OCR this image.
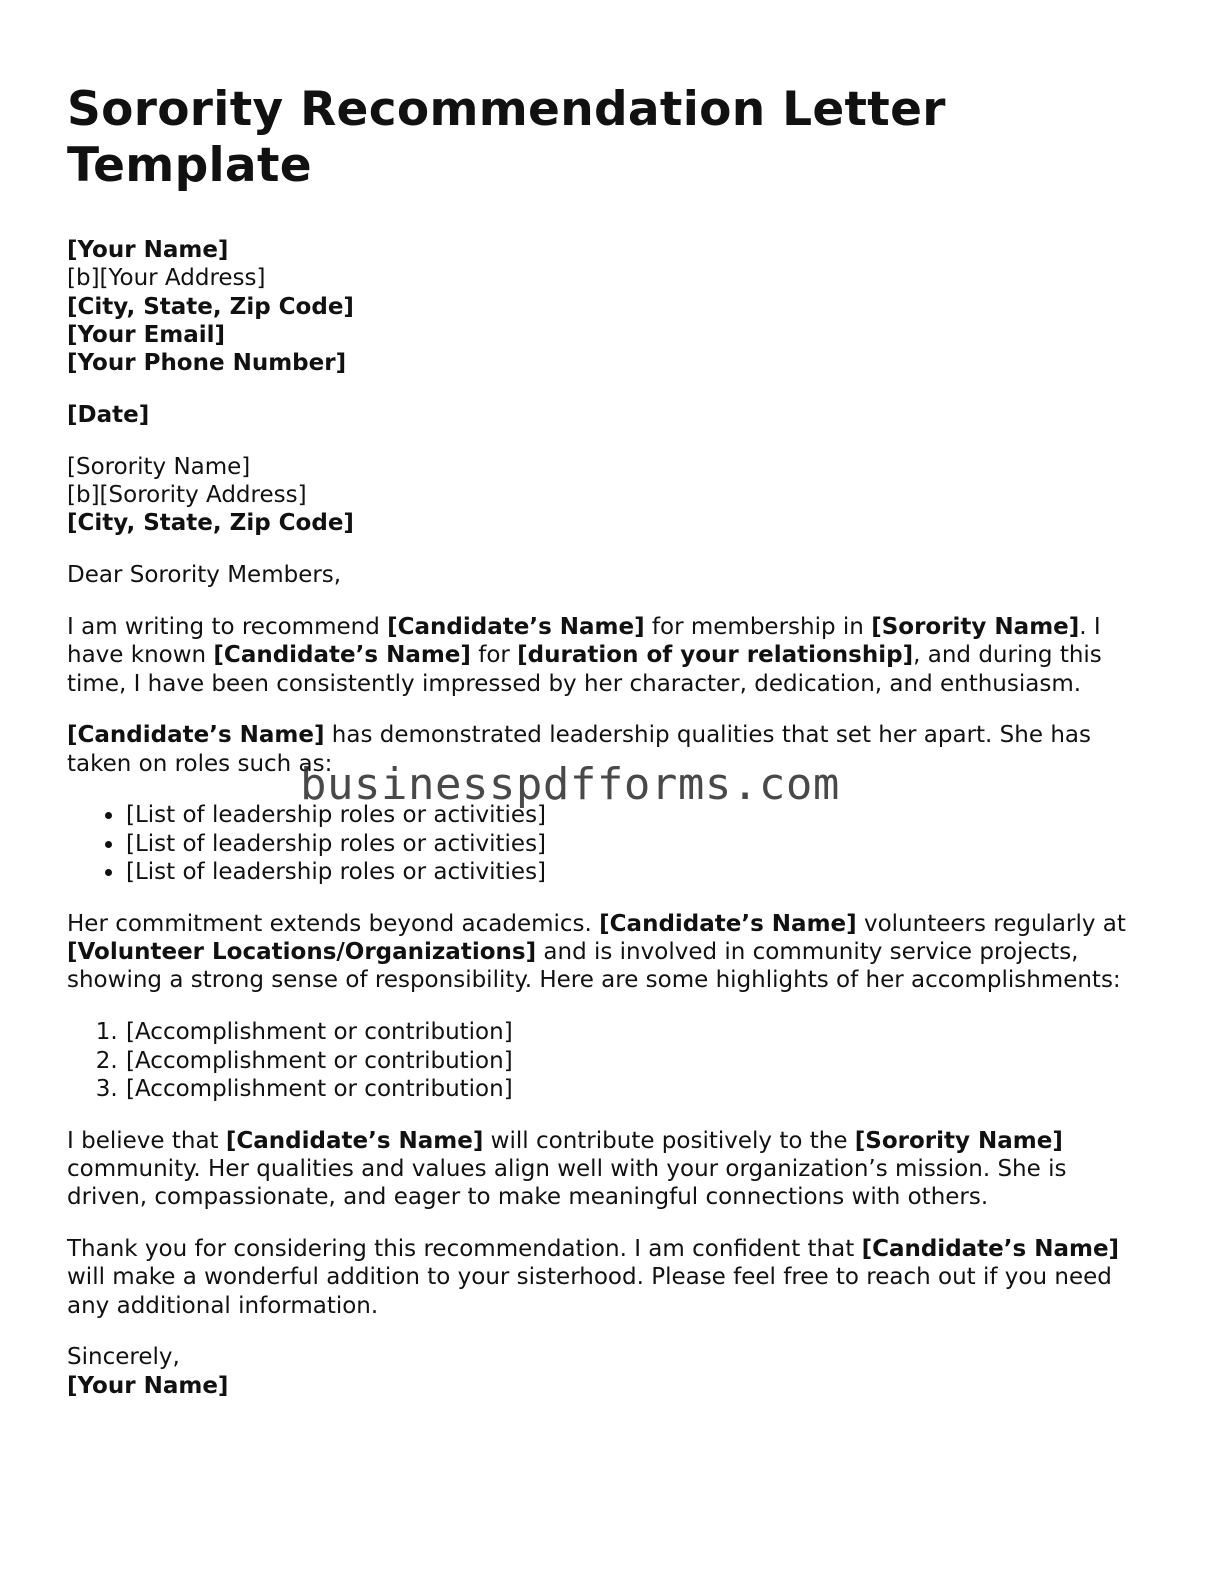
Sorority Recommendation Letter Template
[Your Name]
[b][Your Address]
[City, State, Zip Code]
[Your Email]
[Your Phone Number]
[Date]
[Sorority Name]
[b][Sorority Address]
[City, State, Zip Code]

Dear Sorority Members,

I am writing to recommend [Candidate’s Name] for membership in [Sorority Name]. I have known [Candidate’s Name] for [duration of your relationship], and during this time, I have been consistently impressed by her character, dedication, and enthusiasm.

[Candidate’s Name] has demonstrated leadership qualities that set her apart. She has taken on roles such as:

• [List of leadership roles or activities]
• [List of leadership roles or activities]
• [List of leadership roles or activities]

Her commitment extends beyond academics. [Candidate’s Name] volunteers regularly at [Volunteer Locations/Organizations] and is involved in community service projects, showing a strong sense of responsibility. Here are some highlights of her accomplishments:

1. [Accomplishment or contribution]
2. [Accomplishment or contribution]
3. [Accomplishment or contribution]

I believe that [Candidate’s Name] will contribute positively to the [Sorority Name] community. Her qualities and values align well with your organization’s mission. She is driven, compassionate, and eager to make meaningful connections with others.

Thank you for considering this recommendation. I am confident that [Candidate’s Name] will make a wonderful addition to your sisterhood. Please feel free to reach out if you need any additional information.

Sincerely,
[Your Name]
businesspdfforms.com
